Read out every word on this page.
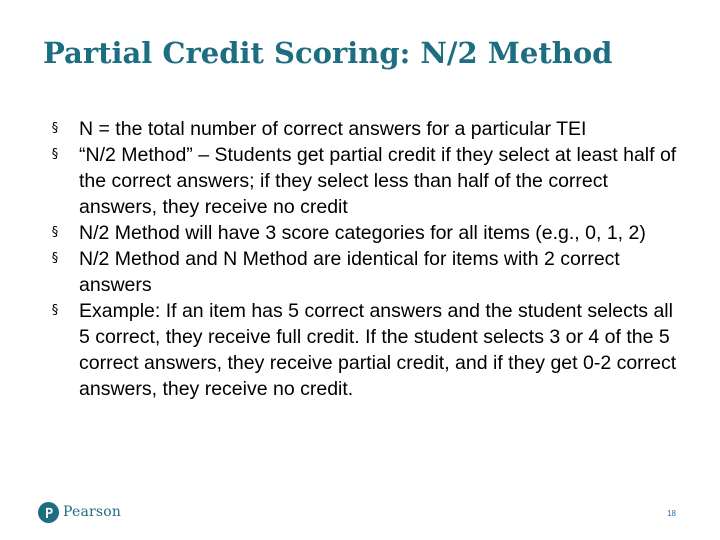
Partial Credit Scoring: N/2 Method
§ N = the total number of correct answers for a particular TEI
§ “N/2 Method” – Students get partial credit if they select at least half of the correct answers; if they select less than half of the correct answers, they receive no credit
§ N/2 Method will have 3 score categories for all items (e.g., 0, 1, 2)
§ N/2 Method and N Method are identical for items with 2 correct answers
§ Example: If an item has 5 correct answers and the student selects all 5 correct, they receive full credit. If the student selects 3 or 4 of the 5 correct answers, they receive partial credit, and if they get 0-2 correct answers, they receive no credit.
Pearson	18
